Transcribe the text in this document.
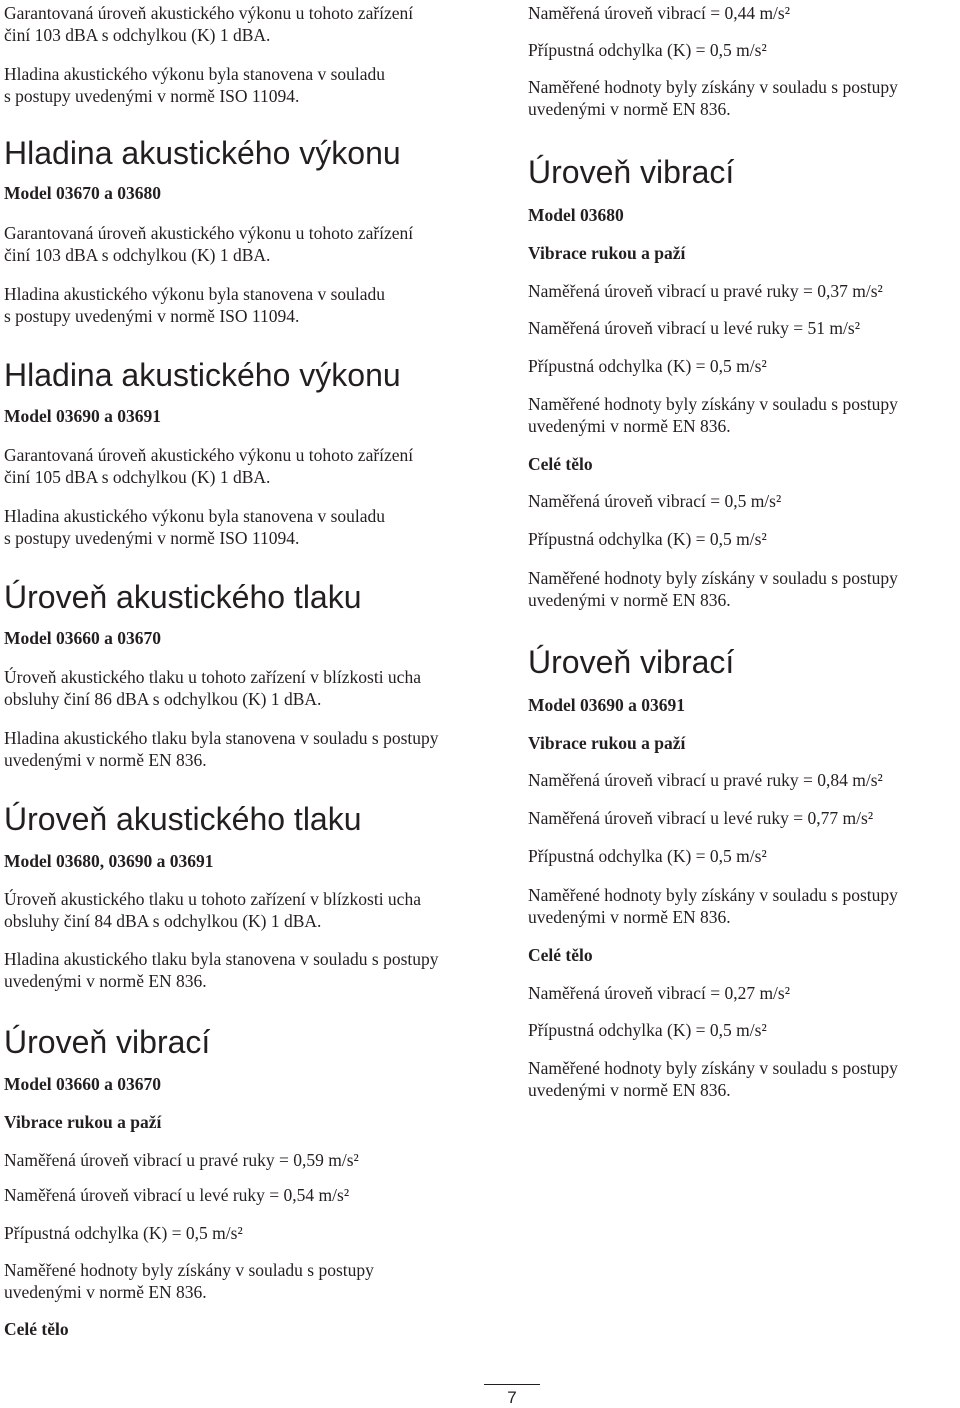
Garantovaná úroveň akustického výkonu u tohoto zařízení
činí 103 dBA s odchylkou (K) 1 dBA.
Hladina akustického výkonu byla stanovena v souladu
s postupy uvedenými v normě ISO 11094.
Hladina akustického výkonu
Model 03670 a 03680
Garantovaná úroveň akustického výkonu u tohoto zařízení
činí 103 dBA s odchylkou (K) 1 dBA.
Hladina akustického výkonu byla stanovena v souladu
s postupy uvedenými v normě ISO 11094.
Hladina akustického výkonu
Model 03690 a 03691
Garantovaná úroveň akustického výkonu u tohoto zařízení
činí 105 dBA s odchylkou (K) 1 dBA.
Hladina akustického výkonu byla stanovena v souladu
s postupy uvedenými v normě ISO 11094.
Úroveň akustického tlaku
Model 03660 a 03670
Úroveň akustického tlaku u tohoto zařízení v blízkosti ucha
obsluhy činí 86 dBA s odchylkou (K) 1 dBA.
Hladina akustického tlaku byla stanovena v souladu s postupy
uvedenými v normě EN 836.
Úroveň akustického tlaku
Model 03680, 03690 a 03691
Úroveň akustického tlaku u tohoto zařízení v blízkosti ucha
obsluhy činí 84 dBA s odchylkou (K) 1 dBA.
Hladina akustického tlaku byla stanovena v souladu s postupy
uvedenými v normě EN 836.
Úroveň vibrací
Model 03660 a 03670
Vibrace rukou a paží
Naměřená úroveň vibrací u pravé ruky = 0,59 m/s²
Naměřená úroveň vibrací u levé ruky = 0,54 m/s²
Přípustná odchylka (K) = 0,5 m/s²
Naměřené hodnoty byly získány v souladu s postupy
uvedenými v normě EN 836.
Celé tělo
Naměřená úroveň vibrací = 0,44 m/s²
Přípustná odchylka (K) = 0,5 m/s²
Naměřené hodnoty byly získány v souladu s postupy
uvedenými v normě EN 836.
Úroveň vibrací
Model 03680
Vibrace rukou a paží
Naměřená úroveň vibrací u pravé ruky = 0,37 m/s²
Naměřená úroveň vibrací u levé ruky = 51 m/s²
Přípustná odchylka (K) = 0,5 m/s²
Naměřené hodnoty byly získány v souladu s postupy
uvedenými v normě EN 836.
Celé tělo
Naměřená úroveň vibrací = 0,5 m/s²
Přípustná odchylka (K) = 0,5 m/s²
Naměřené hodnoty byly získány v souladu s postupy
uvedenými v normě EN 836.
Úroveň vibrací
Model 03690 a 03691
Vibrace rukou a paží
Naměřená úroveň vibrací u pravé ruky = 0,84 m/s²
Naměřená úroveň vibrací u levé ruky = 0,77 m/s²
Přípustná odchylka (K) = 0,5 m/s²
Naměřené hodnoty byly získány v souladu s postupy
uvedenými v normě EN 836.
Celé tělo
Naměřená úroveň vibrací = 0,27 m/s²
Přípustná odchylka (K) = 0,5 m/s²
Naměřené hodnoty byly získány v souladu s postupy
uvedenými v normě EN 836.
7
